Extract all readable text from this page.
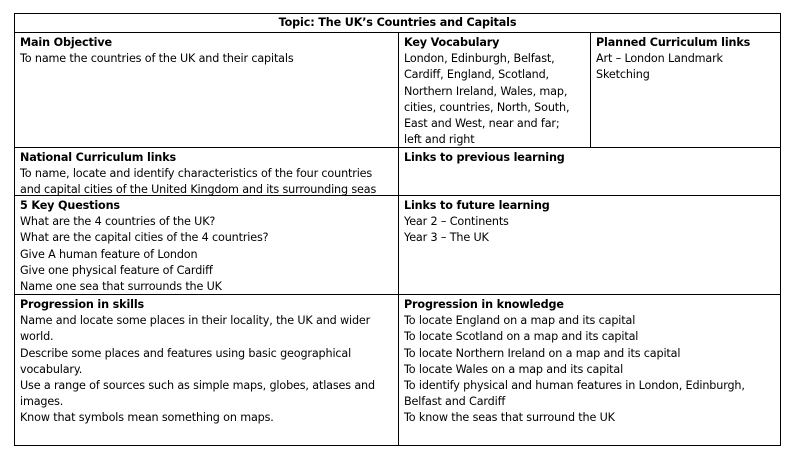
Topic: The UK’s Countries and Capitals
Main Objective
To name the countries of the UK and their capitals
Key Vocabulary
London, Edinburgh, Belfast,
Cardiff, England, Scotland,
Northern Ireland, Wales, map,
cities, countries, North, South,
East and West, near and far;
left and right
Planned Curriculum links
Art – London Landmark
Sketching
National Curriculum links
To name, locate and identify characteristics of the four countries
and capital cities of the United Kingdom and its surrounding seas
Links to previous learning
5 Key Questions
What are the 4 countries of the UK?
What are the capital cities of the 4 countries?
Give A human feature of London
Give one physical feature of Cardiff
Name one sea that surrounds the UK
Links to future learning
Year 2 – Continents
Year 3 – The UK
Progression in skills
Name and locate some places in their locality, the UK and wider
world.
Describe some places and features using basic geographical
vocabulary.
Use a range of sources such as simple maps, globes, atlases and
images.
Know that symbols mean something on maps.
Progression in knowledge
To locate England on a map and its capital
To locate Scotland on a map and its capital
To locate Northern Ireland on a map and its capital
To locate Wales on a map and its capital
To identify physical and human features in London, Edinburgh,
Belfast and Cardiff
To know the seas that surround the UK
